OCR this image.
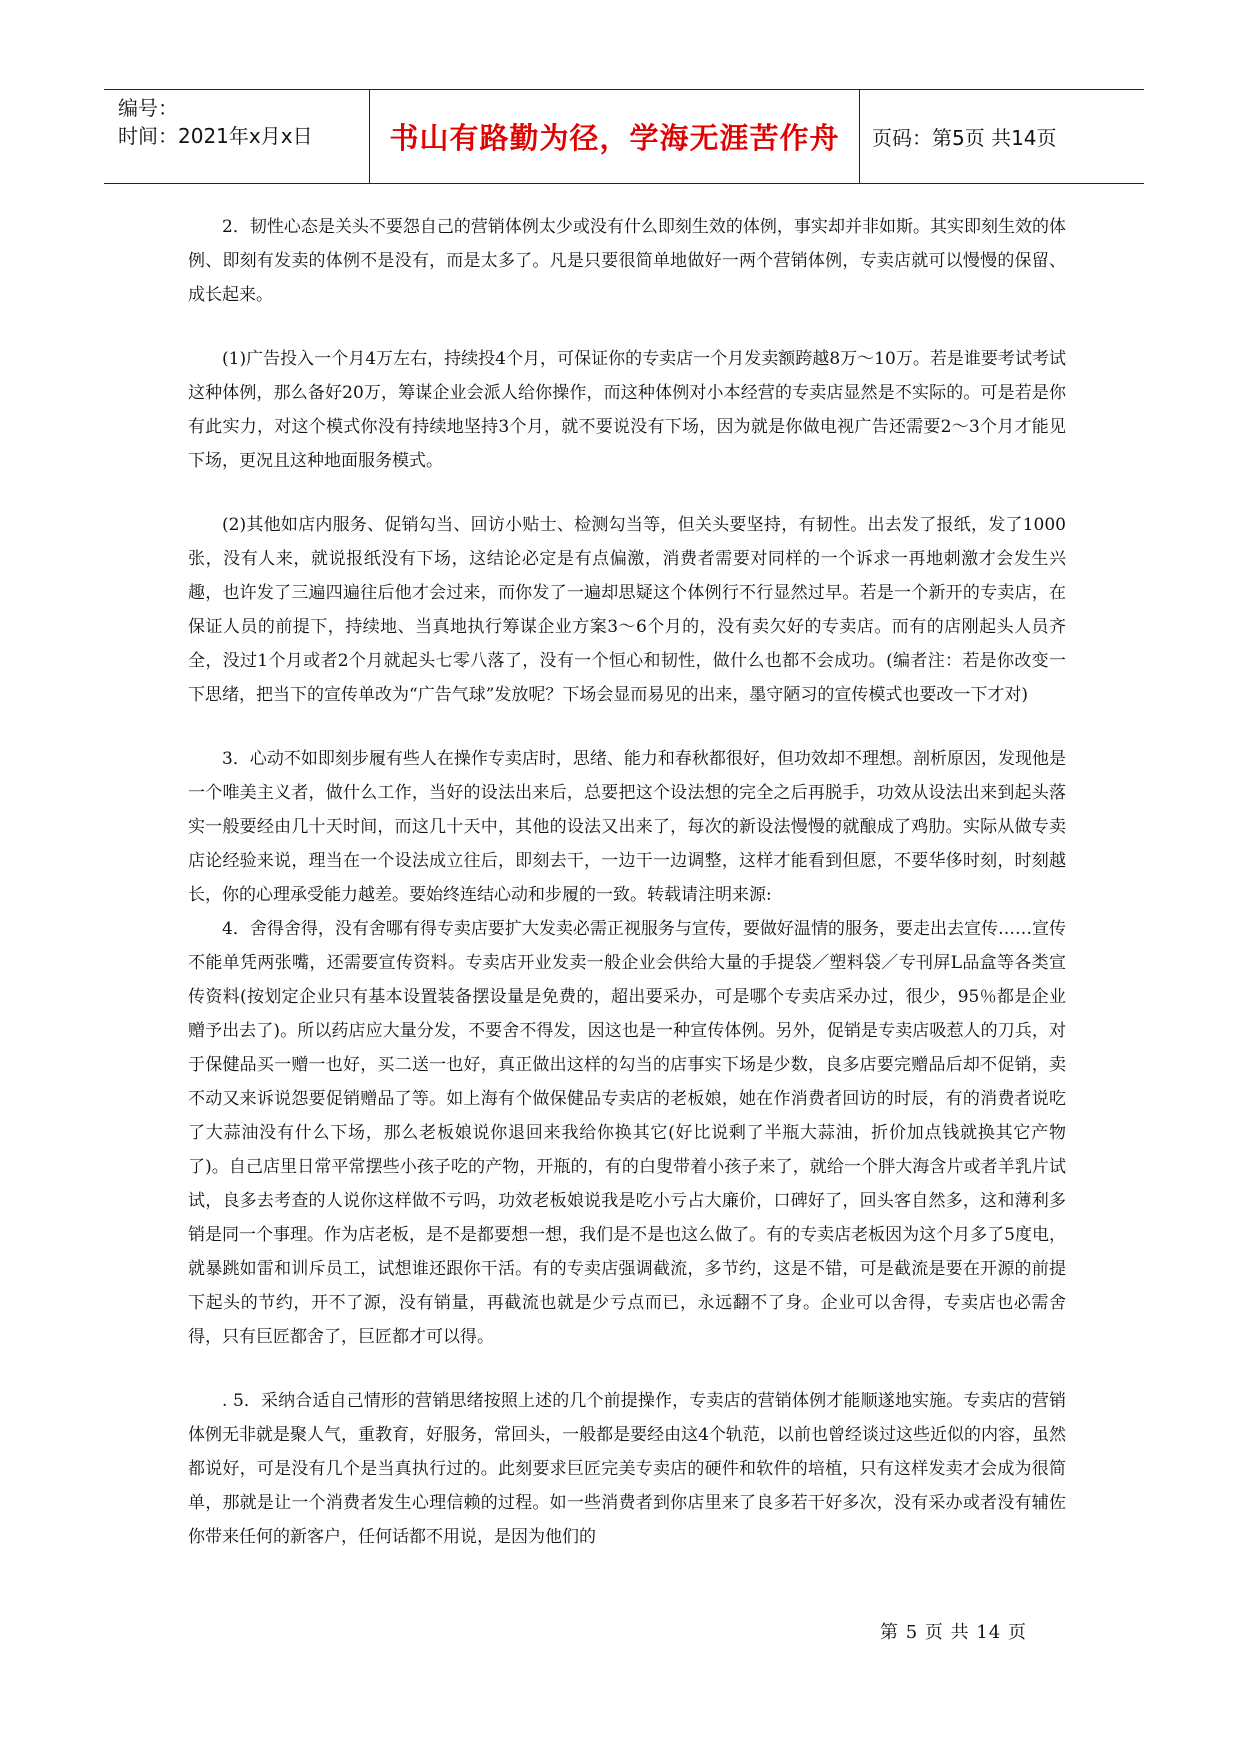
编号：
时间：2021年x月x日	书山有路勤为径，学海无涯苦作舟	页码：第5页 共14页

2．韧性心态是关头不要怨自己的营销体例太少或没有什么即刻生效的体例，事实却并非如斯。其实即刻生效的体例、即刻有发卖的体例不是没有，而是太多了。凡是只要很简单地做好一两个营销体例，专卖店就可以慢慢的保留、成长起来。

(1)广告投入一个月4万左右，持续投4个月，可保证你的专卖店一个月发卖额跨越8万～10万。若是谁要考试考试这种体例，那么备好20万，筹谋企业会派人给你操作，而这种体例对小本经营的专卖店显然是不实际的。可是若是你有此实力，对这个模式你没有持续地坚持3个月，就不要说没有下场，因为就是你做电视广告还需要2～3个月才能见下场，更况且这种地面服务模式。

(2)其他如店内服务、促销勾当、回访小贴士、检测勾当等，但关头要坚持，有韧性。出去发了报纸，发了1000张，没有人来，就说报纸没有下场，这结论必定是有点偏激，消费者需要对同样的一个诉求一再地刺激才会发生兴趣，也许发了三遍四遍往后他才会过来，而你发了一遍却思疑这个体例行不行显然过早。若是一个新开的专卖店，在保证人员的前提下，持续地、当真地执行筹谋企业方案3～6个月的，没有卖欠好的专卖店。而有的店刚起头人员齐全，没过1个月或者2个月就起头七零八落了，没有一个恒心和韧性，做什么也都不会成功。(编者注：若是你改变一下思绪，把当下的宣传单改为“广告气球”发放呢？下场会显而易见的出来，墨守陋习的宣传模式也要改一下才对)

3．心动不如即刻步履有些人在操作专卖店时，思绪、能力和春秋都很好，但功效却不理想。剖析原因，发现他是一个唯美主义者，做什么工作，当好的设法出来后，总要把这个设法想的完全之后再脱手，功效从设法出来到起头落实一般要经由几十天时间，而这几十天中，其他的设法又出来了，每次的新设法慢慢的就酿成了鸡肋。实际从做专卖店论经验来说，理当在一个设法成立往后，即刻去干，一边干一边调整，这样才能看到但愿，不要华侈时刻，时刻越长，你的心理承受能力越差。要始终连结心动和步履的一致。转载请注明来源:

4．舍得舍得，没有舍哪有得专卖店要扩大发卖必需正视服务与宣传，要做好温情的服务，要走出去宣传……宣传不能单凭两张嘴，还需要宣传资料。专卖店开业发卖一般企业会供给大量的手提袋／塑料袋／专刊屏L品盒等各类宣传资料(按划定企业只有基本设置装备摆设量是免费的，超出要采办，可是哪个专卖店采办过，很少，95％都是企业赠予出去了)。所以药店应大量分发，不要舍不得发，因这也是一种宣传体例。另外，促销是专卖店吸惹人的刀兵，对于保健品买一赠一也好，买二送一也好，真正做出这样的勾当的店事实下场是少数，良多店要完赠品后却不促销，卖不动又来诉说怨要促销赠品了等。如上海有个做保健品专卖店的老板娘，她在作消费者回访的时辰，有的消费者说吃了大蒜油没有什么下场，那么老板娘说你退回来我给你换其它(好比说剩了半瓶大蒜油，折价加点钱就换其它产物了)。自己店里日常平常摆些小孩子吃的产物，开瓶的，有的白叟带着小孩子来了，就给一个胖大海含片或者羊乳片试试，良多去考查的人说你这样做不亏吗，功效老板娘说我是吃小亏占大廉价，口碑好了，回头客自然多，这和薄利多销是同一个事理。作为店老板，是不是都要想一想，我们是不是也这么做了。有的专卖店老板因为这个月多了5度电，就暴跳如雷和训斥员工，试想谁还跟你干活。有的专卖店强调截流，多节约，这是不错，可是截流是要在开源的前提下起头的节约，开不了源，没有销量，再截流也就是少亏点而已，永远翻不了身。企业可以舍得，专卖店也必需舍得，只有巨匠都舍了，巨匠都才可以得。

. 5．采纳合适自己情形的营销思绪按照上述的几个前提操作，专卖店的营销体例才能顺遂地实施。专卖店的营销体例无非就是聚人气，重教育，好服务，常回头，一般都是要经由这4个轨范，以前也曾经谈过这些近似的内容，虽然都说好，可是没有几个是当真执行过的。此刻要求巨匠完美专卖店的硬件和软件的培植，只有这样发卖才会成为很简单，那就是让一个消费者发生心理信赖的过程。如一些消费者到你店里来了良多若干好多次，没有采办或者没有辅佐你带来任何的新客户，任何话都不用说，是因为他们的

第 5 页 共 14 页
